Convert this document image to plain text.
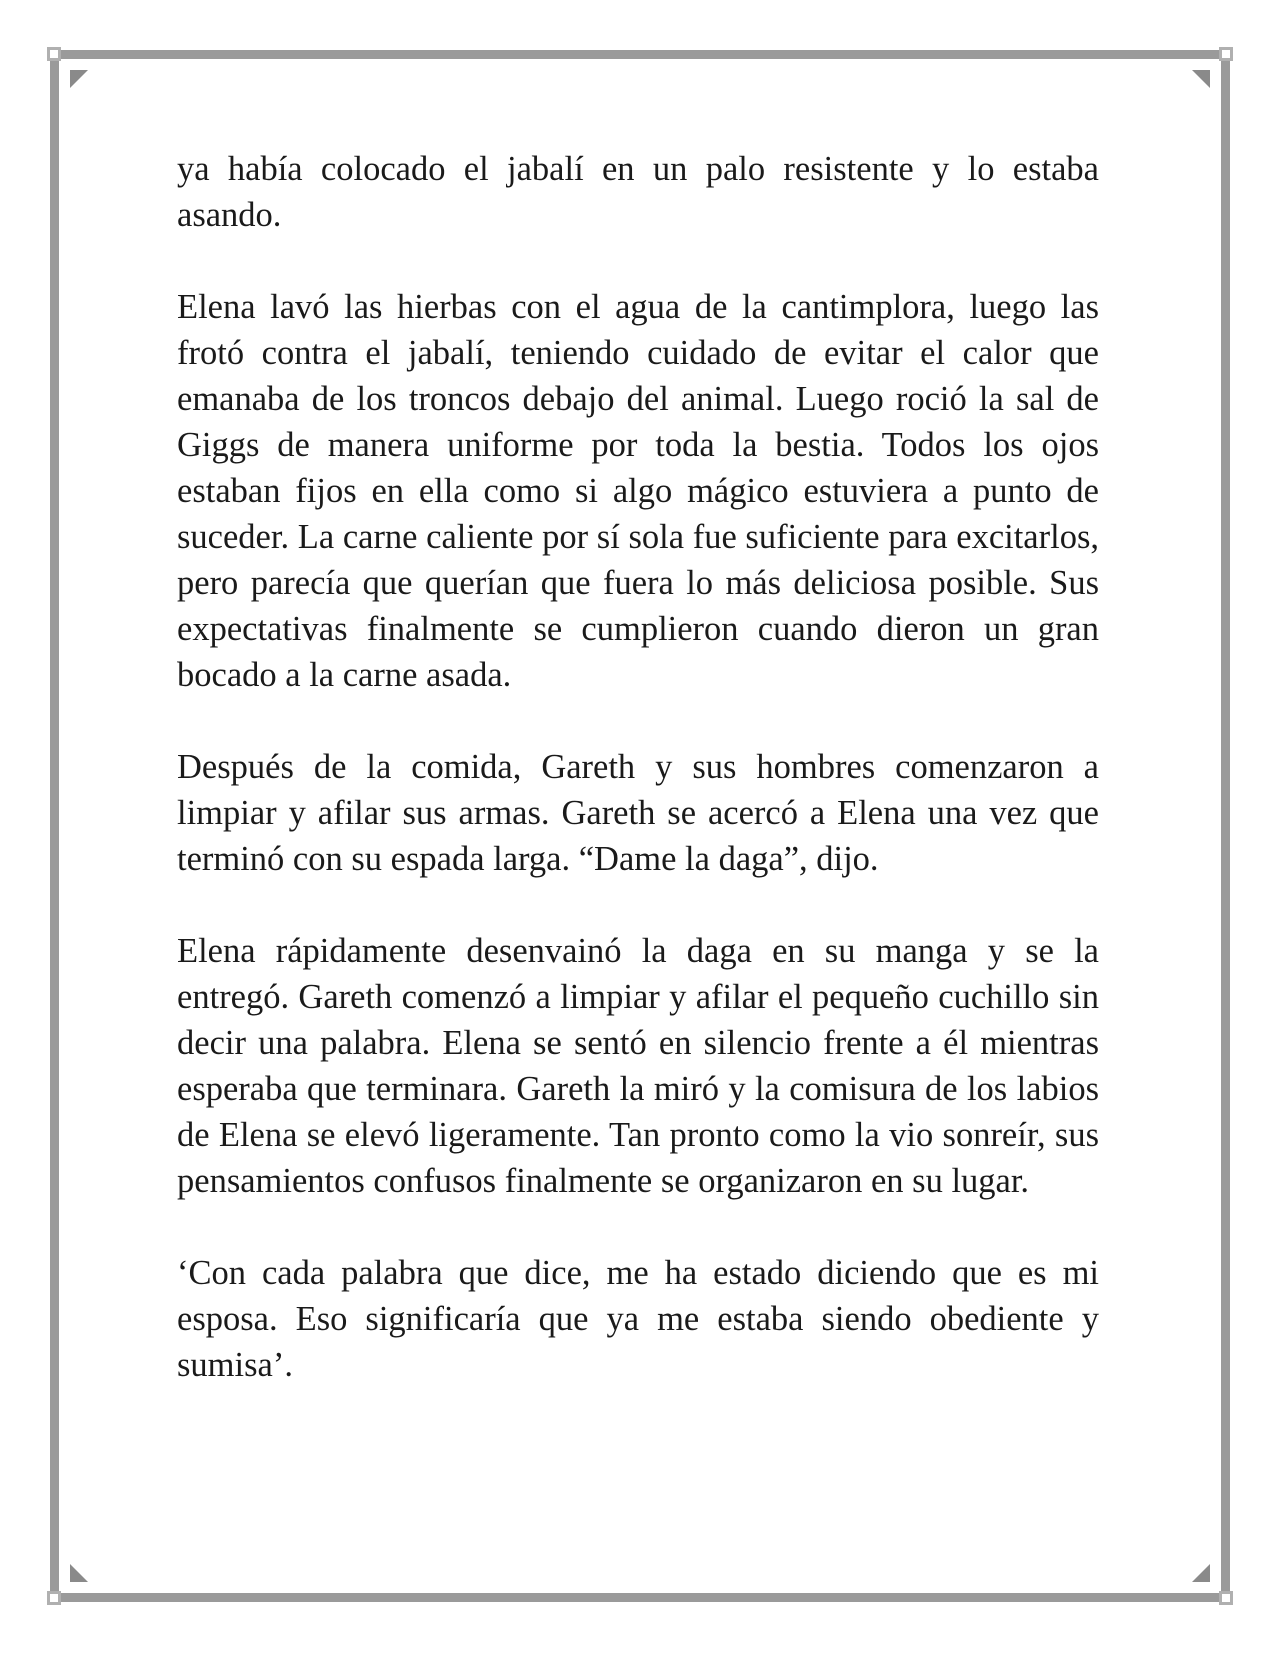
ya había colocado el jabalí en un palo resistente y lo estaba asando.

Elena lavó las hierbas con el agua de la cantimplora, luego las frotó contra el jabalí, teniendo cuidado de evitar el calor que emanaba de los troncos debajo del animal. Luego roció la sal de Giggs de manera uniforme por toda la bestia. Todos los ojos estaban fijos en ella como si algo mágico estuviera a punto de suceder. La carne caliente por sí sola fue suficiente para excitarlos, pero parecía que querían que fuera lo más deliciosa posible. Sus expectativas finalmente se cumplieron cuando dieron un gran bocado a la carne asada.

Después de la comida, Gareth y sus hombres comenzaron a limpiar y afilar sus armas. Gareth se acercó a Elena una vez que terminó con su espada larga. “Dame la daga”, dijo.

Elena rápidamente desenvainó la daga en su manga y se la entregó. Gareth comenzó a limpiar y afilar el pequeño cuchillo sin decir una palabra. Elena se sentó en silencio frente a él mientras esperaba que terminara. Gareth la miró y la comisura de los labios de Elena se elevó ligeramente. Tan pronto como la vio sonreír, sus pensamientos confusos finalmente se organizaron en su lugar.

‘Con cada palabra que dice, me ha estado diciendo que es mi esposa. Eso significaría que ya me estaba siendo obediente y sumisa’.
